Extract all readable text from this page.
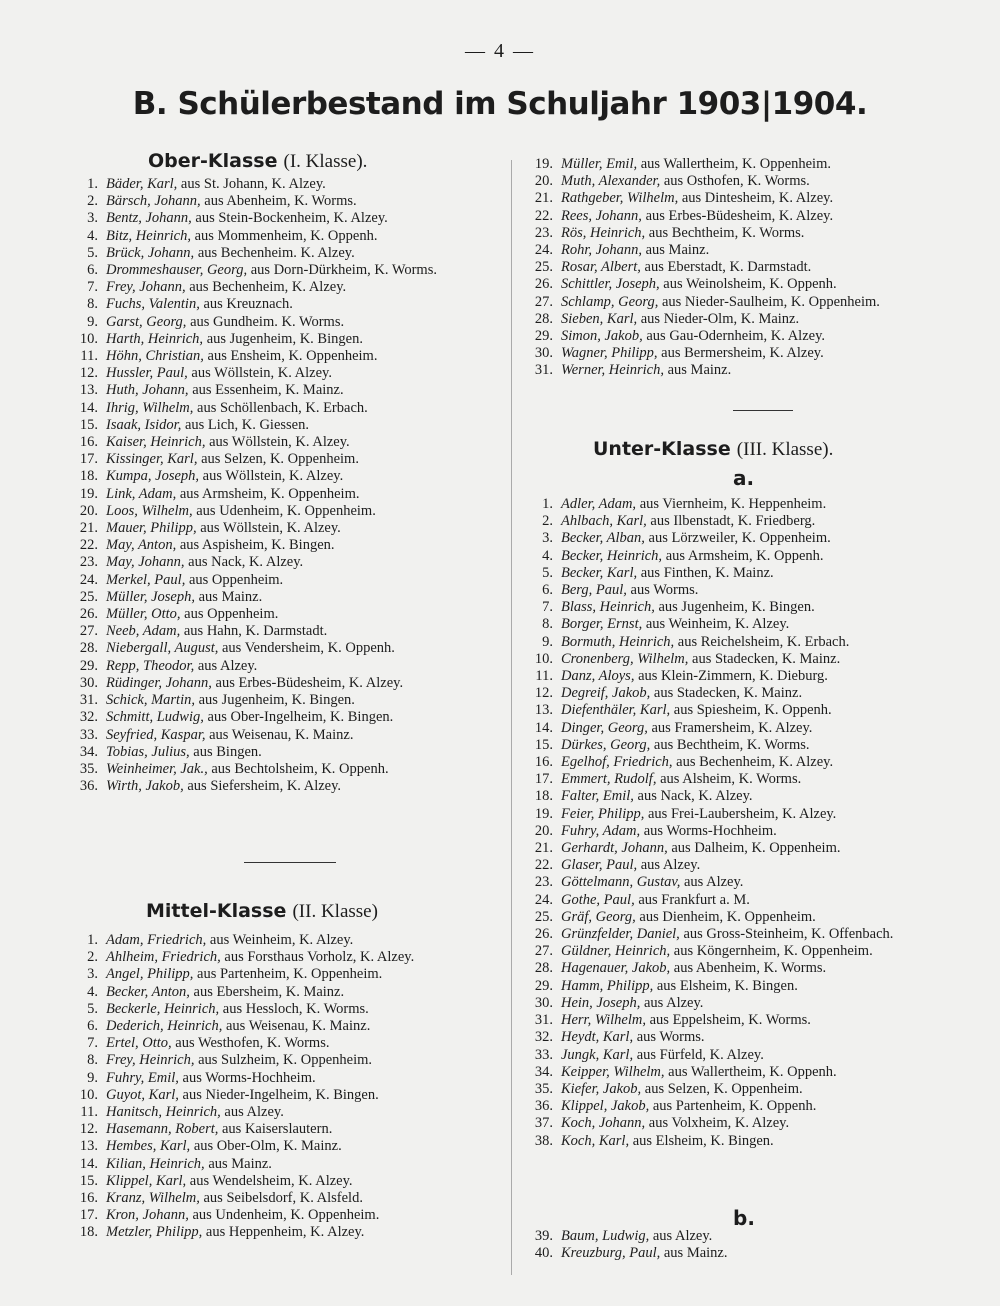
— 4 —
B. Schülerbestand im Schuljahr 1903|1904.
Ober-Klasse (I. Klasse).
1. Bäder, Karl, aus St. Johann, K. Alzey.
2. Bärsch, Johann, aus Abenheim, K. Worms.
3. Bentz, Johann, aus Stein-Bockenheim, K. Alzey.
4. Bitz, Heinrich, aus Mommenheim, K. Oppenh.
5. Brück, Johann, aus Bechenheim. K. Alzey.
6. Drommeshauser, Georg, aus Dorn-Dürkheim, K. Worms.
7. Frey, Johann, aus Bechenheim, K. Alzey.
8. Fuchs, Valentin, aus Kreuznach.
9. Garst, Georg, aus Gundheim. K. Worms.
10. Harth, Heinrich, aus Jugenheim, K. Bingen.
11. Höhn, Christian, aus Ensheim, K. Oppenheim.
12. Hussler, Paul, aus Wöllstein, K. Alzey.
13. Huth, Johann, aus Essenheim, K. Mainz.
14. Ihrig, Wilhelm, aus Schöllenbach, K. Erbach.
15. Isaak, Isidor, aus Lich, K. Giessen.
16. Kaiser, Heinrich, aus Wöllstein, K. Alzey.
17. Kissinger, Karl, aus Selzen, K. Oppenheim.
18. Kumpa, Joseph, aus Wöllstein, K. Alzey.
19. Link, Adam, aus Armsheim, K. Oppenheim.
20. Loos, Wilhelm, aus Udenheim, K. Oppenheim.
21. Mauer, Philipp, aus Wöllstein, K. Alzey.
22. May, Anton, aus Aspisheim, K. Bingen.
23. May, Johann, aus Nack, K. Alzey.
24. Merkel, Paul, aus Oppenheim.
25. Müller, Joseph, aus Mainz.
26. Müller, Otto, aus Oppenheim.
27. Neeb, Adam, aus Hahn, K. Darmstadt.
28. Niebergall, August, aus Vendersheim, K. Oppenh.
29. Repp, Theodor, aus Alzey.
30. Rüdinger, Johann, aus Erbes-Büdesheim, K. Alzey.
31. Schick, Martin, aus Jugenheim, K. Bingen.
32. Schmitt, Ludwig, aus Ober-Ingelheim, K. Bingen.
33. Seyfried, Kaspar, aus Weisenau, K. Mainz.
34. Tobias, Julius, aus Bingen.
35. Weinheimer, Jak., aus Bechtolsheim, K. Oppenh.
36. Wirth, Jakob, aus Siefersheim, K. Alzey.
Mittel-Klasse (II. Klasse)
1. Adam, Friedrich, aus Weinheim, K. Alzey.
2. Ahlheim, Friedrich, aus Forsthaus Vorholz, K. Alzey.
3. Angel, Philipp, aus Partenheim, K. Oppenheim.
4. Becker, Anton, aus Ebersheim, K. Mainz.
5. Beckerle, Heinrich, aus Hessloch, K. Worms.
6. Dederich, Heinrich, aus Weisenau, K. Mainz.
7. Ertel, Otto, aus Westhofen, K. Worms.
8. Frey, Heinrich, aus Sulzheim, K. Oppenheim.
9. Fuhry, Emil, aus Worms-Hochheim.
10. Guyot, Karl, aus Nieder-Ingelheim, K. Bingen.
11. Hanitsch, Heinrich, aus Alzey.
12. Hasemann, Robert, aus Kaiserslautern.
13. Hembes, Karl, aus Ober-Olm, K. Mainz.
14. Kilian, Heinrich, aus Mainz.
15. Klippel, Karl, aus Wendelsheim, K. Alzey.
16. Kranz, Wilhelm, aus Seibelsdorf, K. Alsfeld.
17. Kron, Johann, aus Undenheim, K. Oppenheim.
18. Metzler, Philipp, aus Heppenheim, K. Alzey.
19. Müller, Emil, aus Wallertheim, K. Oppenheim.
20. Muth, Alexander, aus Osthofen, K. Worms.
21. Rathgeber, Wilhelm, aus Dintesheim, K. Alzey.
22. Rees, Johann, aus Erbes-Büdesheim, K. Alzey.
23. Rös, Heinrich, aus Bechtheim, K. Worms.
24. Rohr, Johann, aus Mainz.
25. Rosar, Albert, aus Eberstadt, K. Darmstadt.
26. Schittler, Joseph, aus Weinolsheim, K. Oppenh.
27. Schlamp, Georg, aus Nieder-Saulheim, K. Oppenheim.
28. Sieben, Karl, aus Nieder-Olm, K. Mainz.
29. Simon, Jakob, aus Gau-Odernheim, K. Alzey.
30. Wagner, Philipp, aus Bermersheim, K. Alzey.
31. Werner, Heinrich, aus Mainz.
Unter-Klasse (III. Klasse).
a.
1. Adler, Adam, aus Viernheim, K. Heppenheim.
2. Ahlbach, Karl, aus Ilbenstadt, K. Friedberg.
3. Becker, Alban, aus Lörzweiler, K. Oppenheim.
4. Becker, Heinrich, aus Armsheim, K. Oppenh.
5. Becker, Karl, aus Finthen, K. Mainz.
6. Berg, Paul, aus Worms.
7. Blass, Heinrich, aus Jugenheim, K. Bingen.
8. Borger, Ernst, aus Weinheim, K. Alzey.
9. Bormuth, Heinrich, aus Reichelsheim, K. Erbach.
10. Cronenberg, Wilhelm, aus Stadecken, K. Mainz.
11. Danz, Aloys, aus Klein-Zimmern, K. Dieburg.
12. Degreif, Jakob, aus Stadecken, K. Mainz.
13. Diefenthäler, Karl, aus Spiesheim, K. Oppenh.
14. Dinger, Georg, aus Framersheim, K. Alzey.
15. Dürkes, Georg, aus Bechtheim, K. Worms.
16. Egelhof, Friedrich, aus Bechenheim, K. Alzey.
17. Emmert, Rudolf, aus Alsheim, K. Worms.
18. Falter, Emil, aus Nack, K. Alzey.
19. Feier, Philipp, aus Frei-Laubersheim, K. Alzey.
20. Fuhry, Adam, aus Worms-Hochheim.
21. Gerhardt, Johann, aus Dalheim, K. Oppenheim.
22. Glaser, Paul, aus Alzey.
23. Göttelmann, Gustav, aus Alzey.
24. Gothe, Paul, aus Frankfurt a. M.
25. Gräf, Georg, aus Dienheim, K. Oppenheim.
26. Grünzfelder, Daniel, aus Gross-Steinheim, K. Offenbach.
27. Güldner, Heinrich, aus Köngernheim, K. Oppenheim.
28. Hagenauer, Jakob, aus Abenheim, K. Worms.
29. Hamm, Philipp, aus Elsheim, K. Bingen.
30. Hein, Joseph, aus Alzey.
31. Herr, Wilhelm, aus Eppelsheim, K. Worms.
32. Heydt, Karl, aus Worms.
33. Jungk, Karl, aus Fürfeld, K. Alzey.
34. Keipper, Wilhelm, aus Wallertheim, K. Oppenh.
35. Kiefer, Jakob, aus Selzen, K. Oppenheim.
36. Klippel, Jakob, aus Partenheim, K. Oppenh.
37. Koch, Johann, aus Volxheim, K. Alzey.
38. Koch, Karl, aus Elsheim, K. Bingen.
b.
39. Baum, Ludwig, aus Alzey.
40. Kreuzburg, Paul, aus Mainz.
